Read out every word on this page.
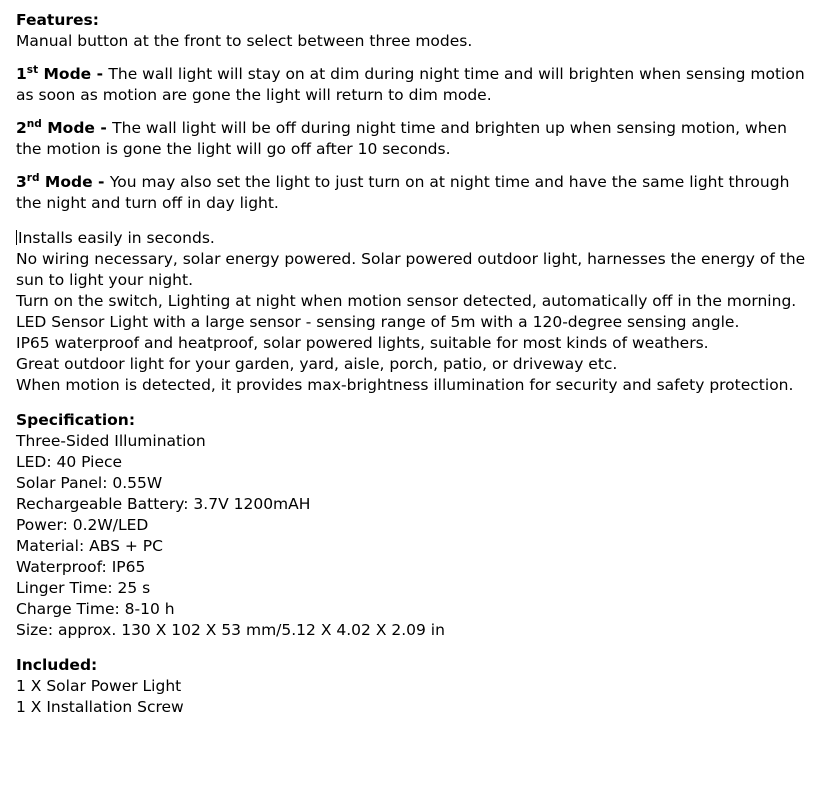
Features:
Manual button at the front to select between three modes.

1st Mode - The wall light will stay on at dim during night time and will brighten when sensing motion as soon as motion are gone the light will return to dim mode.

2nd Mode - The wall light will be off during night time and brighten up when sensing motion, when the motion is gone the light will go off after 10 seconds.

3rd Mode - You may also set the light to just turn on at night time and have the same light through the night and turn off in day light.

Installs easily in seconds.
No wiring necessary, solar energy powered. Solar powered outdoor light, harnesses the energy of the sun to light your night.
Turn on the switch, Lighting at night when motion sensor detected, automatically off in the morning.
LED Sensor Light with a large sensor - sensing range of 5m with a 120-degree sensing angle.
IP65 waterproof and heatproof, solar powered lights, suitable for most kinds of weathers.
Great outdoor light for your garden, yard, aisle, porch, patio, or driveway etc.
When motion is detected, it provides max-brightness illumination for security and safety protection.
Specification:
Three-Sided Illumination
LED: 40 Piece
Solar Panel: 0.55W
Rechargeable Battery: 3.7V 1200mAH
Power: 0.2W/LED
Material: ABS + PC
Waterproof: IP65
Linger Time: 25 s
Charge Time: 8-10 h
Size: approx. 130 X 102 X 53 mm/5.12 X 4.02 X 2.09 in
Included:
1 X Solar Power Light
1 X Installation Screw
